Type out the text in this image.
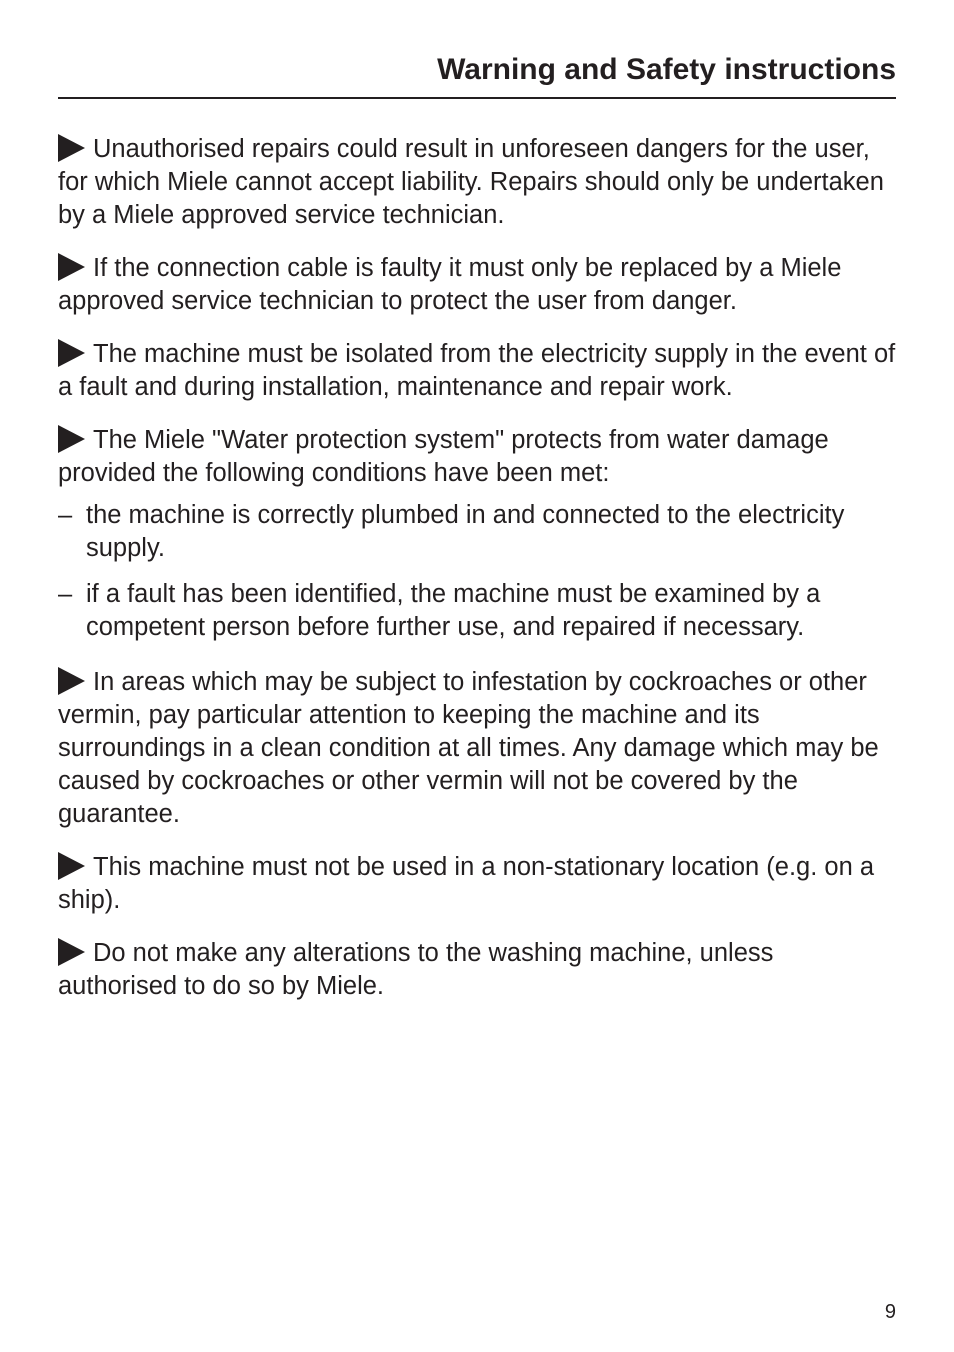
Warning and Safety instructions

Unauthorised repairs could result in unforeseen dangers for the user, for which Miele cannot accept liability. Repairs should only be undertaken by a Miele approved service technician.

If the connection cable is faulty it must only be replaced by a Miele approved service technician to protect the user from danger.

The machine must be isolated from the electricity supply in the event of a fault and during installation, maintenance and repair work.

The Miele "Water protection system" protects from water damage provided the following conditions have been met:

– the machine is correctly plumbed in and connected to the electricity supply.
– if a fault has been identified, the machine must be examined by a competent person before further use, and repaired if necessary.

In areas which may be subject to infestation by cockroaches or other vermin, pay particular attention to keeping the machine and its surroundings in a clean condition at all times. Any damage which may be caused by cockroaches or other vermin will not be covered by the guarantee.

This machine must not be used in a non-stationary location (e.g. on a ship).

Do not make any alterations to the washing machine, unless authorised to do so by Miele.

9
